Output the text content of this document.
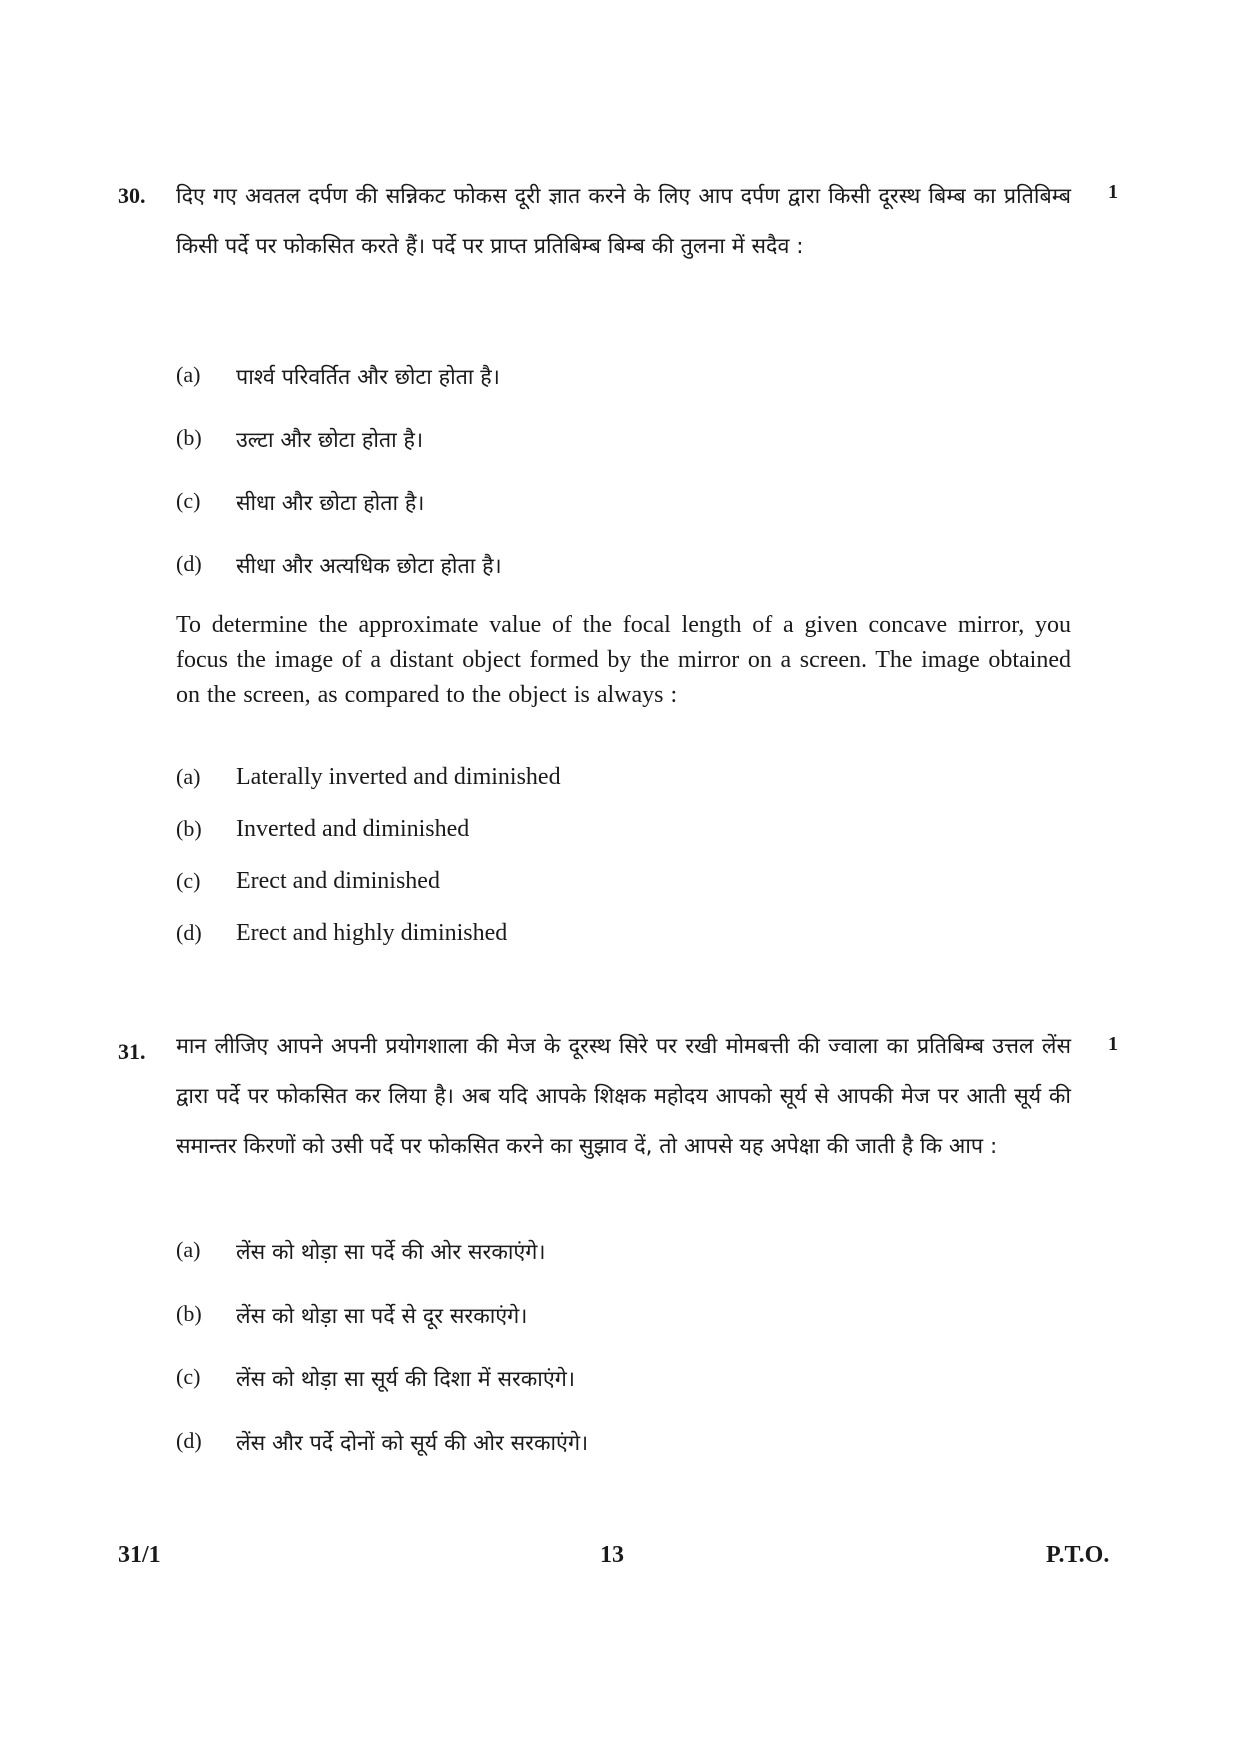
30.	1

दिए गए अवतल दर्पण की सन्निकट फोकस दूरी ज्ञात करने के लिए आप दर्पण द्वारा किसी दूरस्थ बिम्ब का प्रतिबिम्ब किसी पर्दे पर फोकसित करते हैं। पर्दे पर प्राप्त प्रतिबिम्ब बिम्ब की तुलना में सदैव :

(a) पार्श्व परिवर्तित और छोटा होता है।
(b) उल्टा और छोटा होता है।
(c) सीधा और छोटा होता है।
(d) सीधा और अत्यधिक छोटा होता है।

To determine the approximate value of the focal length of a given concave mirror, you focus the image of a distant object formed by the mirror on a screen. The image obtained on the screen, as compared to the object is always :

(a) Laterally inverted and diminished
(b) Inverted and diminished
(c) Erect and diminished
(d) Erect and highly diminished
31.	1

मान लीजिए आपने अपनी प्रयोगशाला की मेज के दूरस्थ सिरे पर रखी मोमबत्ती की ज्वाला का प्रतिबिम्ब उत्तल लेंस द्वारा पर्दे पर फोकसित कर लिया है। अब यदि आपके शिक्षक महोदय आपको सूर्य से आपकी मेज पर आती सूर्य की समान्तर किरणों को उसी पर्दे पर फोकसित करने का सुझाव दें, तो आपसे यह अपेक्षा की जाती है कि आप :

(a) लेंस को थोड़ा सा पर्दे की ओर सरकाएंगे।
(b) लेंस को थोड़ा सा पर्दे से दूर सरकाएंगे।
(c) लेंस को थोड़ा सा सूर्य की दिशा में सरकाएंगे।
(d) लेंस और पर्दे दोनों को सूर्य की ओर सरकाएंगे।
31/1	13	P.T.O.
